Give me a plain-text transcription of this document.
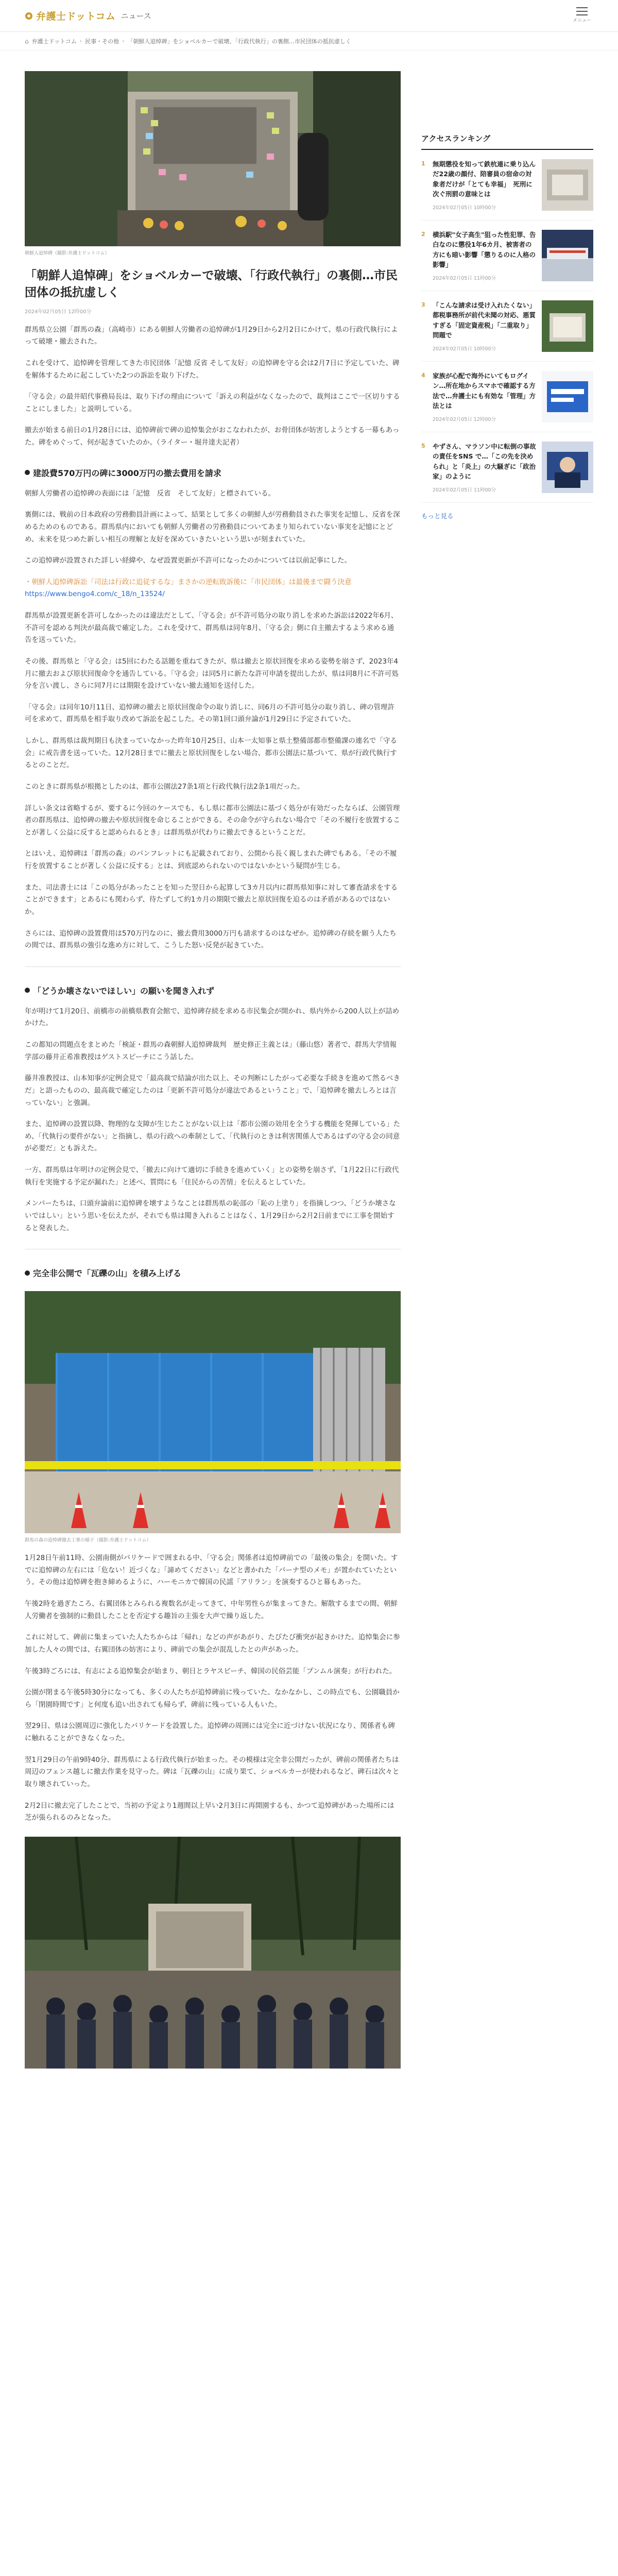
弁護士ドットコム ニュース	メニュー
⌂ 弁護士ドットコム › 民事・その他 › 「朝鮮人追悼碑」をショベルカーで破壊、「行政代執行」の裏側…市民団体の抵抗虚しく
朝鮮人追悼碑（撮影:弁護士ドットコム）
「朝鮮人追悼碑」をショベルカーで破壊、「行政代執行」の裏側…市民団体の抵抗虚しく
2024年02月05日 12時00分

群馬県立公園「群馬の森」（高崎市）にある朝鮮人労働者の追悼碑が1月29日から2月2日にかけて、県の行政代執行によって破壊・撤去された。

これを受けて、追悼碑を管理してきた市民団体「記憶 反省 そして友好」の追悼碑を守る会は2月7日に予定していた、碑を解体するために起こしていた2つの訴訟を取り下げた。

「守る会」の最井昭代事務局長は、取り下げの理由について「訴えの利益がなくなったので、裁判はここで一区切りすることにしました」と説明している。

撤去が始まる前日の1月28日には、追悼碑前で碑の追悼集会がおこなわれたが、お骨団体が妨害しようとする一幕もあった。碑をめぐって、何が起きていたのか。（ライター・堀井達夫記者）

建設費570万円の碑に3000万円の撤去費用を請求

朝鮮人労働者の追悼碑の表面には「記憶　反省　そして友好」と標されている。

裏側には、戦前の日本政府の労務動員計画によって、結果として多くの朝鮮人が労務動員された事実を記憶し、反省を深めるためのものである。群馬県内においても朝鮮人労働者の労務動員についてあまり知られていない事実を記憶にとどめ、未来を見つめた新しい相互の理解と友好を深めていきたいという思いが刻まれていた。

この追悼碑が設置された詳しい経緯や、なぜ設置更新が不許可になったのかについては以前記事にした。

・朝鮮人追悼碑訴訟「司法は行政に追従するな」まさかの逆転敗訴後に「市民団体」は最後まで闘う決意
https://www.bengo4.com/c_18/n_13524/

群馬県が設置更新を許可しなかったのは違法だとして、「守る会」が不許可処分の取り消しを求めた訴訟は2022年6月、不許可を認める判決が最高裁で確定した。これを受けて、群馬県は同年8月、「守る会」側に自主撤去するよう求める通告を送っていた。

その後、群馬県と「守る会」は5回にわたる話題を重ねてきたが、県は撤去と原状回復を求める姿勢を崩さず、2023年4月に撤去および原状回復命令を通告している。「守る会」は同5月に新たな許可申請を提出したが、県は同8月に不許可処分を言い渡し、さらに同7月には期限を設けていない撤去通知を送付した。

「守る会」は同年10月11日、追悼碑の撤去と原状回復命令の取り消しに、同6月の不許可処分の取り消し、碑の管理許可を求めて、群馬県を相手取り改めて訴訟を起こした。その第1回口頭弁論が1月29日に予定されていた。

しかし、群馬県は裁判期日も決まっていなかった昨年10月25日、山本一太知事と県土整備部都市整備課の連名で「守る会」に戒告書を送っていた。12月28日までに撤去と原状回復をしない場合、都市公園法に基づいて、県が行政代執行するとのことだ。

このときに群馬県が根拠としたのは、都市公園法27条1項と行政代執行法2条1項だった。

詳しい条文は省略するが、要するに今回のケースでも、もし県に都市公園法に基づく処分が有効だったならば、公園管理者の群馬県は、追悼碑の撤去や原状回復を命じることができる。その命令が守られない場合で「その不履行を放置することが著しく公益に反すると認められるとき」は群馬県が代わりに撤去できるということだ。

とはいえ、追悼碑は「群馬の森」のパンフレットにも記載されており、公開から長く親しまれた碑でもある。「その不履行を放置することが著しく公益に反する」とは、到底認められないのではないかという疑問が生じる。

また、司法書士には「この処分があったことを知った翌日から起算して3カ月以内に群馬県知事に対して審査請求をすることができます」とあるにも関わらず、待たずして約1カ月の期限で撤去と原状回復を迫るのは矛盾があるのではないか。

さらには、追悼碑の設置費用は570万円なのに、撤去費用3000万円も請求するのはなぜか。追悼碑の存続を願う人たちの間では、群馬県の強引な進め方に対して、こうした怒い反発が起きていた。

「どうか壊さないでほしい」の願いを聞き入れず

年が明けて1月20日、前橋市の前橋県教育会館で、追悼碑存続を求める市民集会が開かれ、県内外から200人以上が詰めかけた。

この都知の問題点をまとめた「検証・群馬の森朝鮮人追悼碑裁判　歴史修正主義とは」（藤山悠）著者で、群馬大学情報学部の藤井正希准教授はゲストスピーチにこう話した。

藤井准教授は、山本知事が定例会見で「最高裁で結論が出た以上、その判断にしたがって必要な手続きを進めて然るべきだ」と語ったものの、最高裁で確定したのは「更新不許可処分が違法であるということ」で、「追悼碑を撤去しろとは言っていない」と強調。

また、追悼碑の設置以降、物理的な支障が生じたことがない以上は「都市公園の効用を全うする機能を発揮している」ため、「代執行の要件がない」と指摘し、県の行政への牽制として、「代執行のときは利害関係人であるはずの守る会の同意が必要だ」とも訴えた。

一方、群馬県は年明けの定例会見で、「撤去に向けて適切に手続きを進めていく」との姿勢を崩さず、「1月22日に行政代執行を実施する予定が漏れた」と述べ、質問にも「住民からの苦情」を伝えるとしていた。

メンバーたちは、口頭弁論前に追悼碑を壊すようなことは群馬県の恥部の「恥の上塗り」を指摘しつつ、「どうか壊さないではしい」という思いを伝えたが、それでも県は聞き入れることはなく、1月29日から2月2日前までに工事を開始すると発表した。

完全非公開で「瓦礫の山」を積み上げる
群馬の森の追悼碑撤去工事の様子（撮影:弁護士ドットコム）

1月28日午前11時、公園南側がバリケードで囲まれる中、「守る会」関係者は追悼碑前での「最後の集会」を開いた。すでに追悼碑の左右には「危ない！近づくな」「諦めてください」などと書かれた「バーナ型のメモ」が置かれていたという。その他は追悼碑を抱き締めるように、ハーモニカで韓国の民謡「アリラン」を演奏するひと幕もあった。

午後2時を過ぎたころ、右翼団体とみられる複数名が走ってきて、中年男性らが集まってきた。解散するまでの間、朝鮮人労働者を強制的に動員したことを否定する趣旨の主張を大声で繰り返した。

これに対して、碑前に集まっていた人たちからは「帰れ」などの声があがり、たびたび衝突が起きかけた。追悼集会に参加した人々の間では、右翼団体の妨害により、碑前での集会が混乱したとの声があった。

午後3時ごろには、有志による追悼集会が始まり、朝日とラヤスピーチ、韓国の民俗芸能「プンムル演奏」が行われた。

公園が閉まる午後5時30分になっても、多くの人たちが追悼碑前に残っていた。なかなかし、この時点でも、公園職員から「閉園時間です」と何度も追い出されても帰らず、碑前に残っている人もいた。

翌29日、県は公園周辺に強化したバリケードを設置した。追悼碑の周囲には完全に近づけない状況になり、関係者も碑に触れることができなくなった。

翌1月29日の午前9時40分、群馬県による行政代執行が始まった。その模様は完全非公開だったが、碑前の関係者たちは周辺のフェンス越しに撤去作業を見守った。碑は「瓦礫の山」に成り果て、ショベルカーが使われるなど、碑石は次々と取り壊されていった。

2月2日に撤去完了したことで、当初の予定より1週間以上早い2月3日に再開園するも、かつて追悼碑があった場所には芝が張られるのみとなった。

アクセスランキング
1	無期懲役を知って鉄杭連に乗り込んだ22歳の顔付、陪審員の宿命の対象者だけが「とても幸福」　死刑に次ぐ刑罰の意味とは
2024年02月05日 10時00分
2	横浜駅"女子高生"狙った性犯罪、告白なのに懲役1年6カ月、被害者の方にも暗い影響「懲りるのに人格の影響」
2024年02月05日 11時00分
3	「こんな請求は受け入れたくない」都税事務所が前代未聞の対応、悪質すぎる「固定資産税」「二重取り」問題で
2024年02月05日 10時00分
4	家族が心配で海外にいてもログイン…所在地からスマホで確認する方法で…弁護士にも有効な「管理」方法とは
2024年02月05日 12時00分
5	やずさん、マラソン中に転倒の事故の責任をSNS で…「この先を決められ」と「炎上」の大騒ぎに「政治家」のように
2024年02月05日 11時00分
もっと見る
